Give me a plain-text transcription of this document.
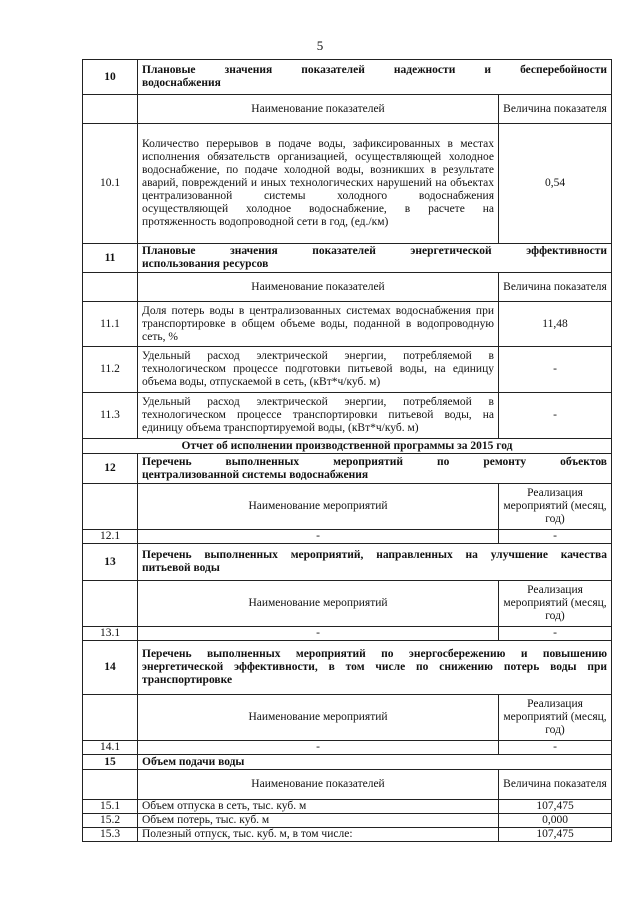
5
10	Плановые значения показателей надежности и бесперебойности
водоснабжения	
	Наименование показателей	Величина показателя
10.1	Количество перерывов в подаче воды, зафиксированных в местах исполнения обязательств организацией, осуществляющей холодное водоснабжение, по подаче холодной воды, возникших в результате аварий, повреждений и иных технологических нарушений на объектах централизованной системы холодного водоснабжения осуществляющей холодное водоснабжение, в расчете на протяженность водопроводной сети в год, (ед./км)	0,54
11	Плановые значения показателей энергетической эффективности
использования ресурсов	
	Наименование показателей	Величина показателя
11.1	Доля потерь воды в централизованных системах водоснабжения при транспортировке в общем объеме воды, поданной в водопроводную сеть, %	11,48
11.2	Удельный расход электрической энергии, потребляемой в технологическом процессе подготовки питьевой воды, на единицу объема воды, отпускаемой в сеть, (кВт*ч/куб. м)	-
11.3	Удельный расход электрической энергии, потребляемой в технологическом процессе транспортировки питьевой воды, на единицу объема транспортируемой воды, (кВт*ч/куб. м)	-
Отчет об исполнении производственной программы за 2015 год		
12	Перечень выполненных мероприятий по ремонту объектов
централизованной системы водоснабжения	
	Наименование мероприятий	Реализация мероприятий (месяц, год)
12.1	-	-
13	Перечень выполненных мероприятий, направленных на улучшение качества
питьевой воды	
	Наименование мероприятий	Реализация мероприятий (месяц, год)
13.1	-	-
14	Перечень выполненных мероприятий по энергосбережению и повышению
энергетической эффективности, в том числе по снижению потерь воды при
транспортировке	
	Наименование мероприятий	Реализация мероприятий (месяц, год)
14.1	-	-
15	Объем подачи воды	
	Наименование показателей	Величина показателя
15.1	Объем отпуска в сеть, тыс. куб. м	107,475
15.2	Объем потерь, тыс. куб. м	0,000
15.3	Полезный отпуск, тыс. куб. м, в том числе:	107,475
